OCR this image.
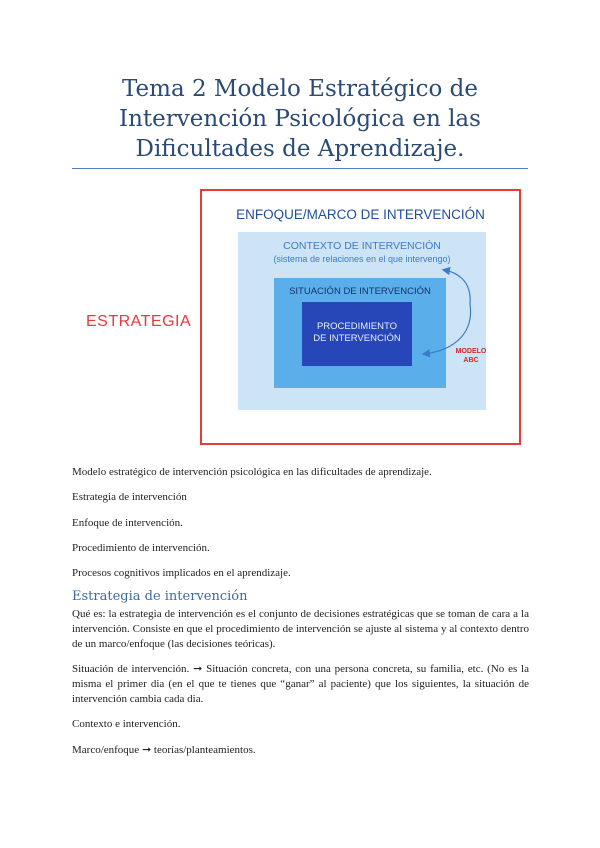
Tema 2 Modelo Estratégico de
Intervención Psicológica en las
Dificultades de Aprendizaje.
ESTRATEGIA
ENFOQUE/MARCO DE INTERVENCIÓN
CONTEXTO DE INTERVENCIÓN
(sistema de relaciones en el que intervengo)
SITUACIÓN DE INTERVENCIÓN
PROCEDIMIENTO
DE INTERVENCIÓN
MODELO
ABC
Modelo estratégico de intervención psicológica en las dificultades de aprendizaje.
Estrategia de intervención
Enfoque de intervención.
Procedimiento de intervención.
Procesos cognitivos implicados en el aprendizaje.
Estrategia de intervención
Qué es: la estrategia de intervención es el conjunto de decisiones estratégicas que se toman de cara a la intervención. Consiste en que el procedimiento de intervención se ajuste al sistema y al contexto dentro de un marco/enfoque (las decisiones teóricas).
Situación de intervención. ➞ Situación concreta, con una persona concreta, su familia, etc. (No es la misma el primer dia (en el que te tienes que “ganar” al paciente) que los siguientes, la situación de intervención cambia cada dia.
Contexto e intervención.
Marco/enfoque ➞ teorías/planteamientos.
